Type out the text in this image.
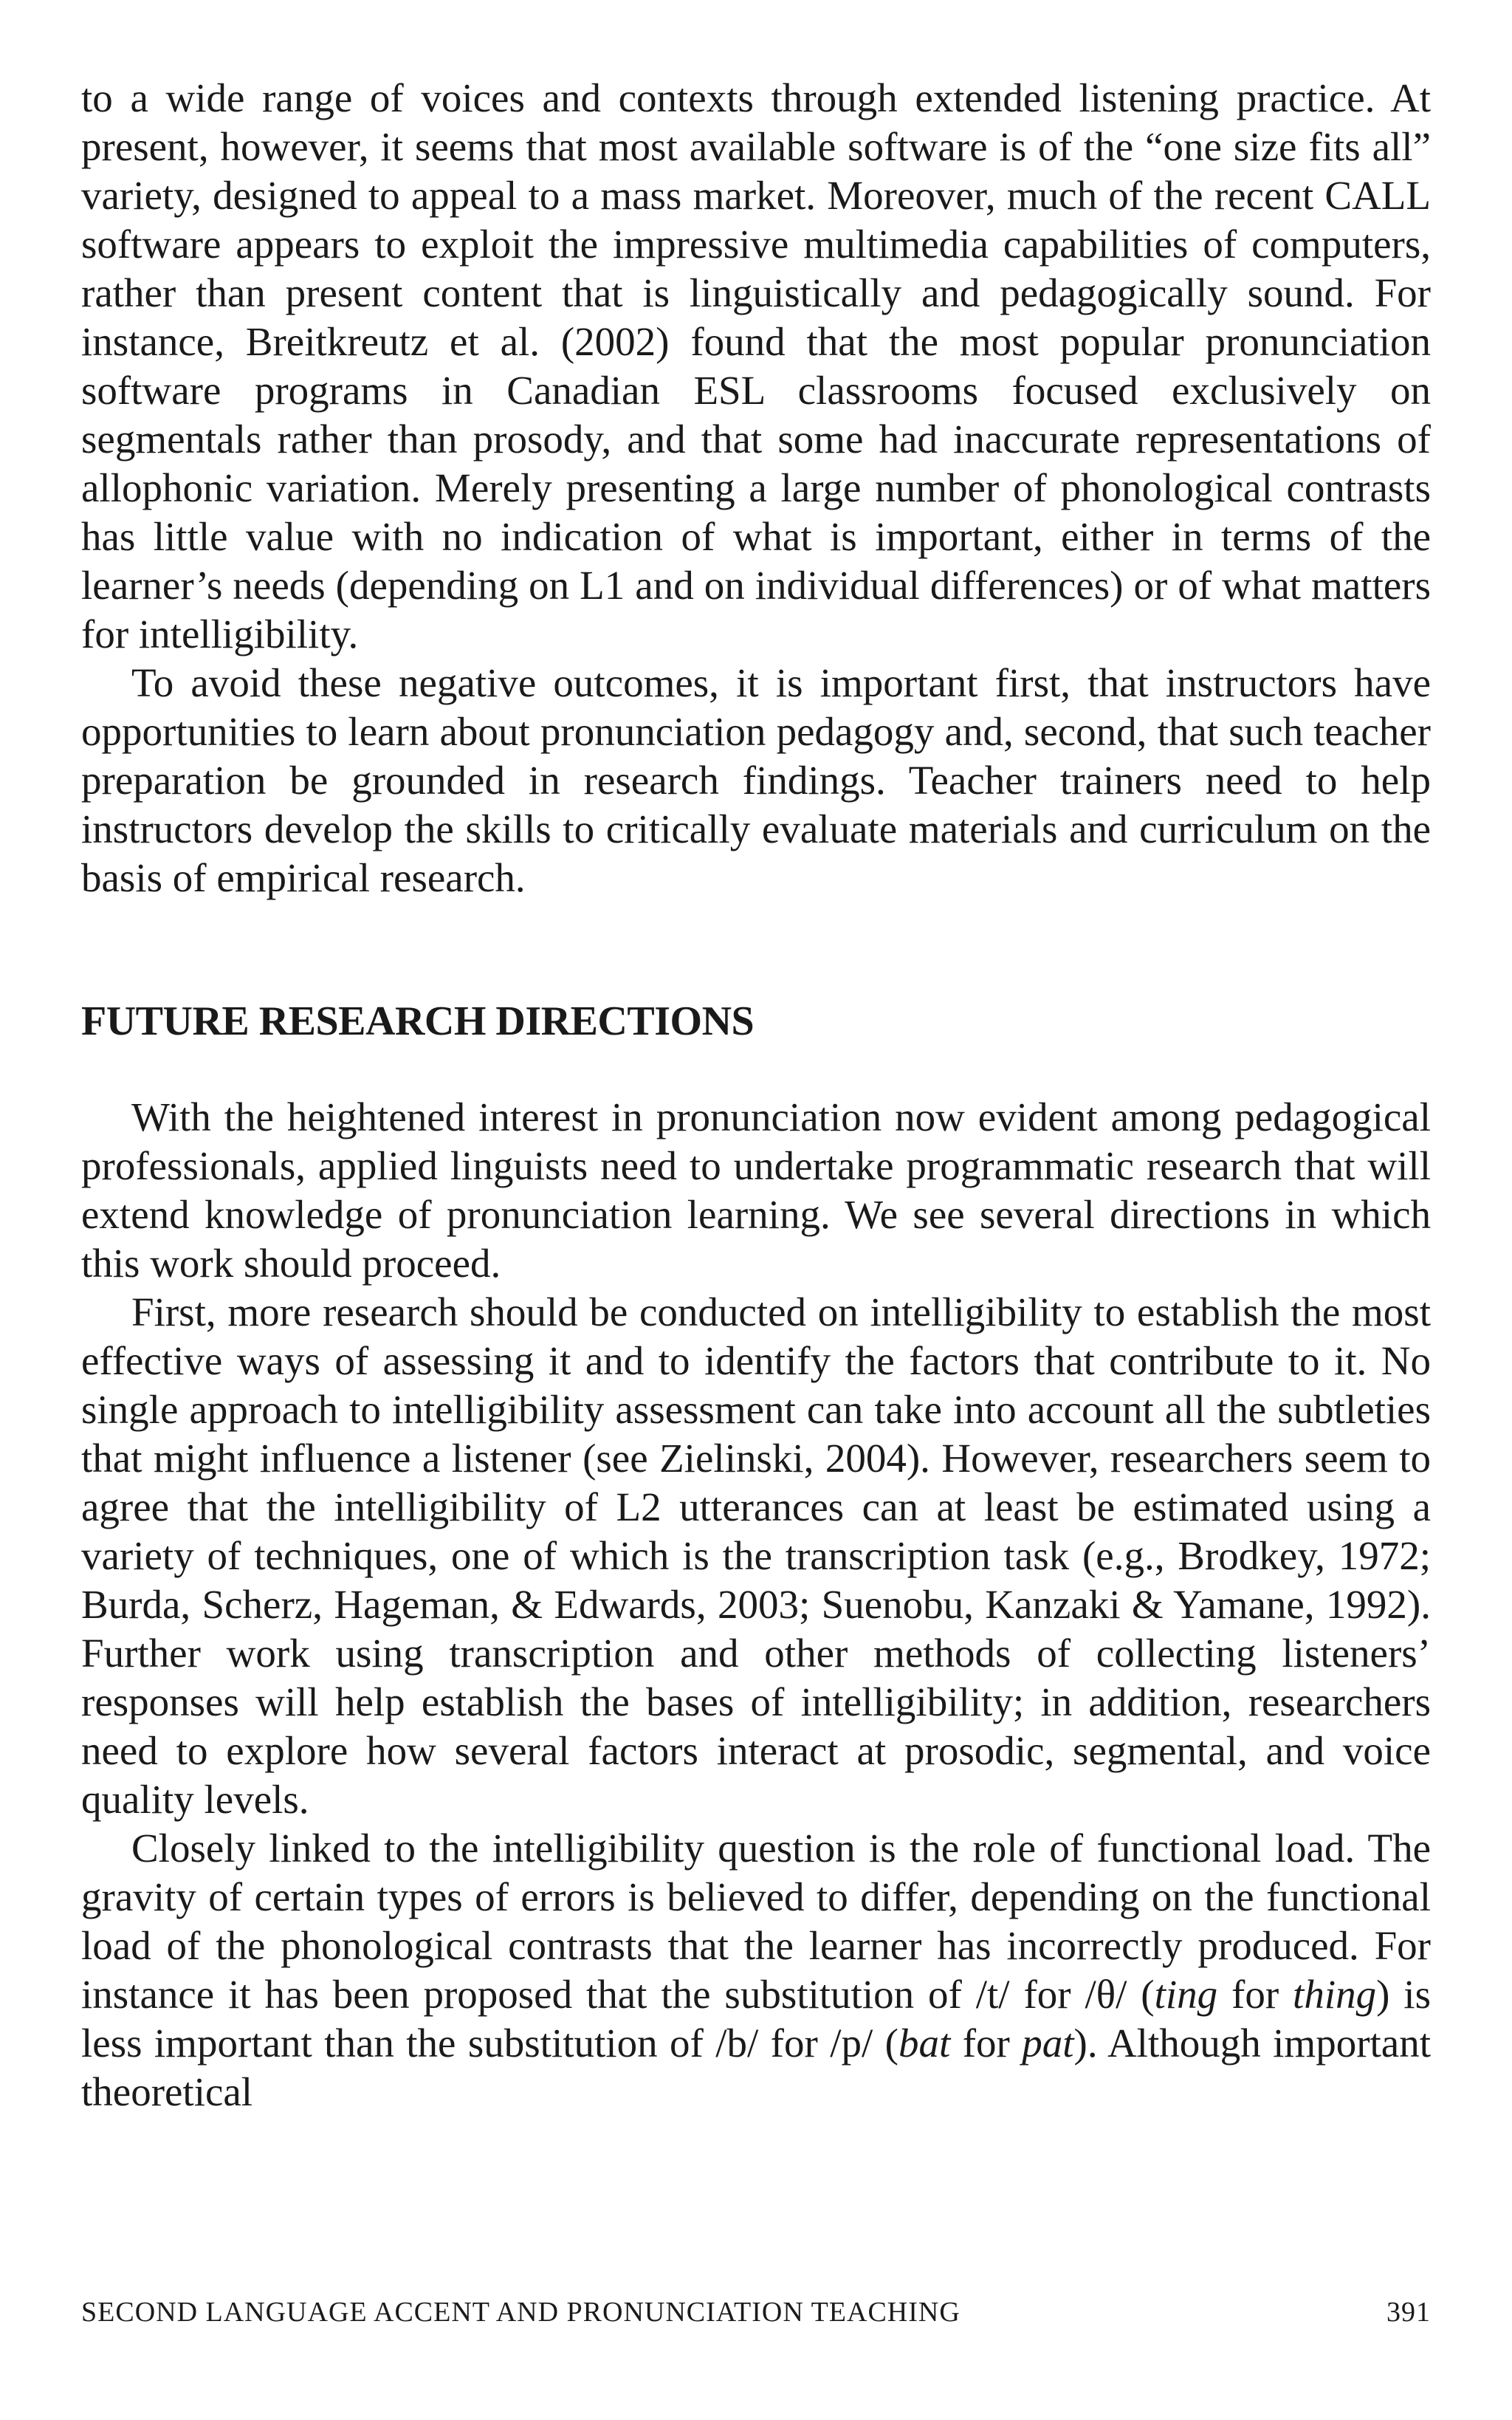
to a wide range of voices and contexts through extended listening practice. At present, however, it seems that most available software is of the “one size fits all” variety, designed to appeal to a mass market. Moreover, much of the recent CALL software appears to exploit the impressive multimedia capabilities of computers, rather than present content that is linguistically and pedagogically sound. For instance, Breitkreutz et al. (2002) found that the most popular pronunciation software programs in Canadian ESL classrooms focused exclusively on segmentals rather than prosody, and that some had inaccurate representations of allophonic variation. Merely presenting a large number of phonological contrasts has little value with no indication of what is important, either in terms of the learner’s needs (depending on L1 and on individual differences) or of what matters for intelligibility.

To avoid these negative outcomes, it is important first, that instructors have opportunities to learn about pronunciation pedagogy and, second, that such teacher preparation be grounded in research findings. Teacher trainers need to help instructors develop the skills to critically evaluate materials and curriculum on the basis of empirical research.

FUTURE RESEARCH DIRECTIONS

With the heightened interest in pronunciation now evident among pedagogical professionals, applied linguists need to undertake programmatic research that will extend knowledge of pronunciation learning. We see several directions in which this work should proceed.

First, more research should be conducted on intelligibility to establish the most effective ways of assessing it and to identify the factors that contribute to it. No single approach to intelligibility assessment can take into account all the subtleties that might influence a listener (see Zielinski, 2004). However, researchers seem to agree that the intelligibility of L2 utterances can at least be estimated using a variety of techniques, one of which is the transcription task (e.g., Brodkey, 1972; Burda, Scherz, Hageman, & Edwards, 2003; Suenobu, Kanzaki & Yamane, 1992). Further work using transcription and other methods of collecting listeners’ responses will help establish the bases of intelligibility; in addition, researchers need to explore how several factors interact at prosodic, segmental, and voice quality levels.

Closely linked to the intelligibility question is the role of functional load. The gravity of certain types of errors is believed to differ, depending on the functional load of the phonological contrasts that the learner has incorrectly produced. For instance it has been proposed that the substitution of /t/ for /θ/ (ting for thing) is less important than the substitution of /b/ for /p/ (bat for pat). Although important theoretical

SECOND LANGUAGE ACCENT AND PRONUNCIATION TEACHING	391
